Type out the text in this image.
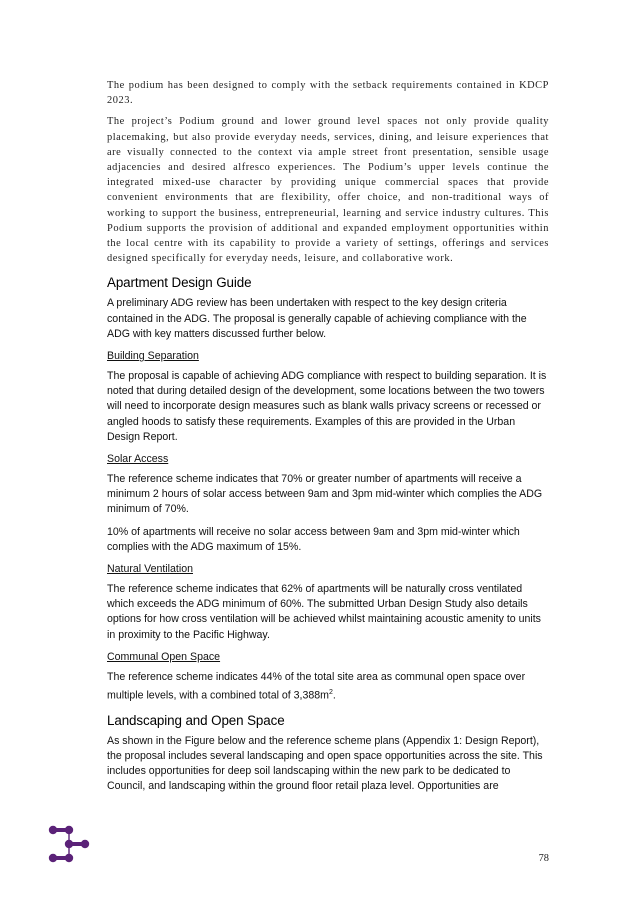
The podium has been designed to comply with the setback requirements contained in KDCP 2023.

The project’s Podium ground and lower ground level spaces not only provide quality placemaking, but also provide everyday needs, services, dining, and leisure experiences that are visually connected to the context via ample street front presentation, sensible usage adjacencies and desired alfresco experiences. The Podium’s upper levels continue the integrated mixed-use character by providing unique commercial spaces that provide convenient environments that are flexibility, offer choice, and non-traditional ways of working to support the business, entrepreneurial, learning and service industry cultures. This Podium supports the provision of additional and expanded employment opportunities within the local centre with its capability to provide a variety of settings, offerings and services designed specifically for everyday needs, leisure, and collaborative work.

Apartment Design Guide

A preliminary ADG review has been undertaken with respect to the key design criteria contained in the ADG. The proposal is generally capable of achieving compliance with the ADG with key matters discussed further below.

Building Separation

The proposal is capable of achieving ADG compliance with respect to building separation. It is noted that during detailed design of the development, some locations between the two towers will need to incorporate design measures such as blank walls privacy screens or recessed or angled hoods to satisfy these requirements. Examples of this are provided in the Urban Design Report.

Solar Access

The reference scheme indicates that 70% or greater number of apartments will receive a minimum 2 hours of solar access between 9am and 3pm mid-winter which complies the ADG minimum of 70%.

10% of apartments will receive no solar access between 9am and 3pm mid-winter which complies with the ADG maximum of 15%.

Natural Ventilation

The reference scheme indicates that 62% of apartments will be naturally cross ventilated which exceeds the ADG minimum of 60%. The submitted Urban Design Study also details options for how cross ventilation will be achieved whilst maintaining acoustic amenity to units in proximity to the Pacific Highway.

Communal Open Space

The reference scheme indicates 44% of the total site area as communal open space over multiple levels, with a combined total of $3,388m^2$.

Landscaping and Open Space

As shown in the Figure below and the reference scheme plans (Appendix 1: Design Report), the proposal includes several landscaping and open space opportunities across the site. This includes opportunities for deep soil landscaping within the new park to be dedicated to Council, and landscaping within the ground floor retail plaza level. Opportunities are

78
